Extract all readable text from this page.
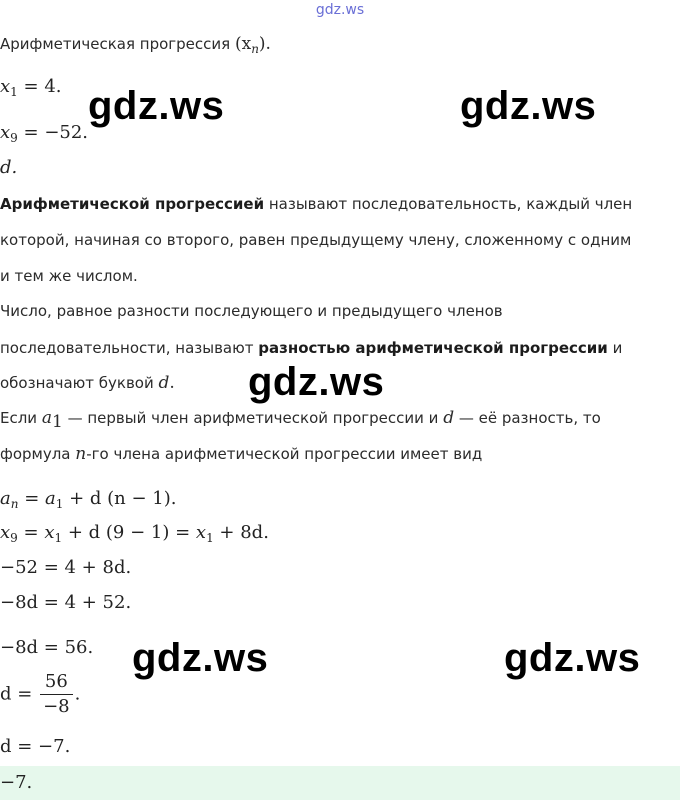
gdz.ws
Арифметическая прогрессия $(x_n)$.
$x_1 = 4$.
$x_9 = -52$.
d.
Арифметической прогрессией называют последовательность, каждый член
которой, начиная со второго, равен предыдущему члену, сложенному с одним
и тем же числом.
Число, равное разности последующего и предыдущего членов
последовательности, называют разностью арифметической прогрессии и
обозначают буквой d.
Если $a_1$ — первый член арифметической прогрессии и d — её разность, то
формула n-го члена арифметической прогрессии имеет вид
$a_n = a_1 + d$ (n − 1).
$x_9 = x_1 + d$ $(9 - 1) = x_1 + 8d$.
−52 = 4 + 8d.
−8d = 4 + 52.
−8d = 56.
$d = \frac{56}{-8}$ .
d = −7.
−7.
gdz.ws	gdz.ws
gdz.ws
gdz.ws	gdz.ws
